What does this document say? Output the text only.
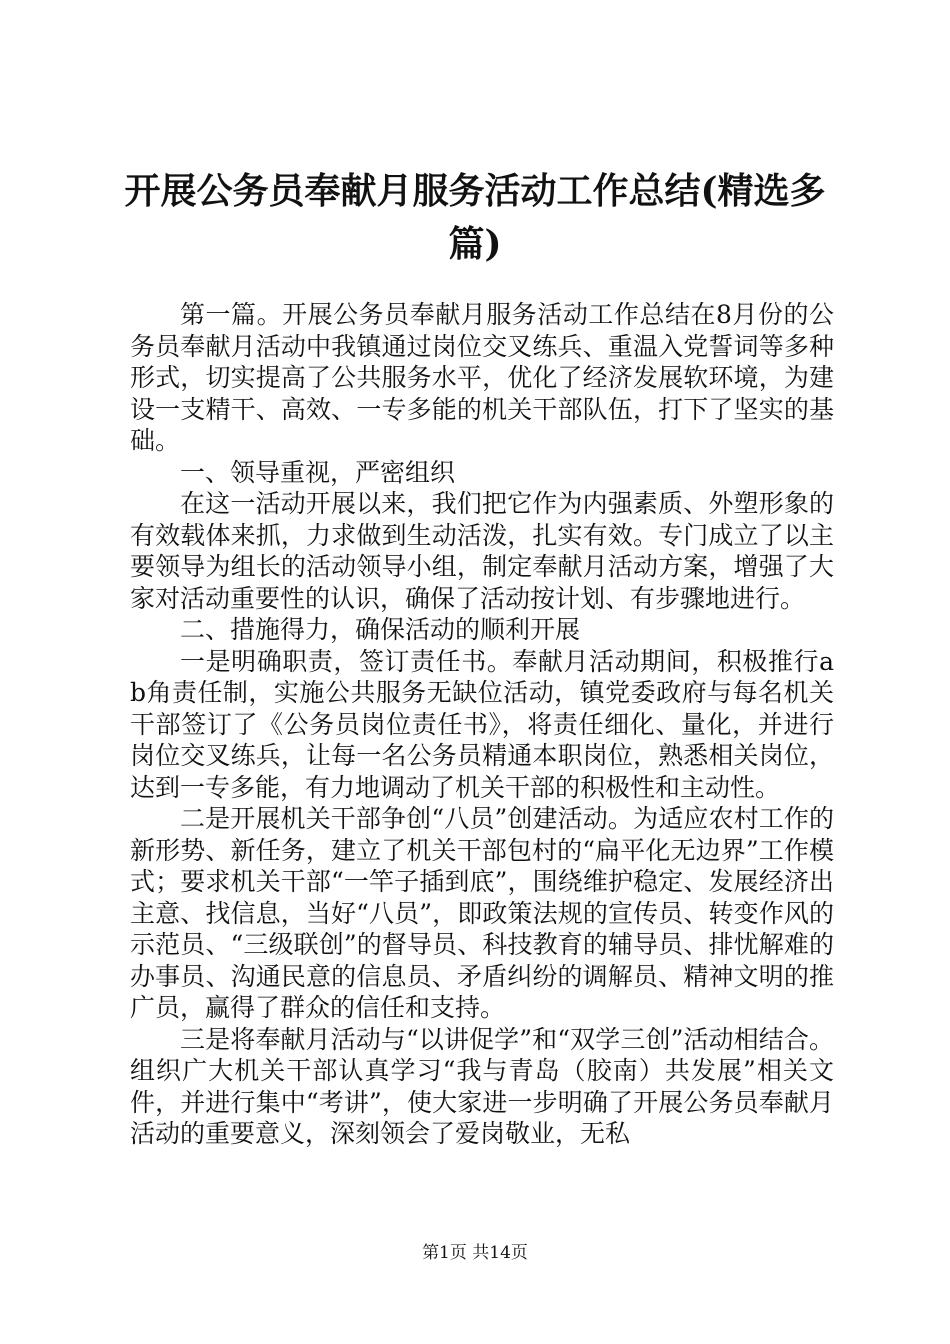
开展公务员奉献月服务活动工作总结(精选多
篇)

第一篇。开展公务员奉献月服务活动工作总结在8月份的公务员奉献月活动中我镇通过岗位交叉练兵、重温入党誓词等多种形式，切实提高了公共服务水平，优化了经济发展软环境，为建设一支精干、高效、一专多能的机关干部队伍，打下了坚实的基础。

一、领导重视，严密组织

在这一活动开展以来，我们把它作为内强素质、外塑形象的有效载体来抓，力求做到生动活泼，扎实有效。专门成立了以主要领导为组长的活动领导小组，制定奉献月活动方案，增强了大家对活动重要性的认识，确保了活动按计划、有步骤地进行。

二、措施得力，确保活动的顺利开展

一是明确职责，签订责任书。奉献月活动期间，积极推行ab角责任制，实施公共服务无缺位活动，镇党委政府与每名机关干部签订了《公务员岗位责任书》，将责任细化、量化，并进行岗位交叉练兵，让每一名公务员精通本职岗位，熟悉相关岗位，达到一专多能，有力地调动了机关干部的积极性和主动性。

二是开展机关干部争创“八员”创建活动。为适应农村工作的新形势、新任务，建立了机关干部包村的“扁平化无边界”工作模式；要求机关干部“一竿子插到底”，围绕维护稳定、发展经济出主意、找信息，当好“八员”，即政策法规的宣传员、转变作风的示范员、“三级联创”的督导员、科技教育的辅导员、排忧解难的办事员、沟通民意的信息员、矛盾纠纷的调解员、精神文明的推广员，赢得了群众的信任和支持。

三是将奉献月活动与“以讲促学”和“双学三创”活动相结合。组织广大机关干部认真学习“我与青岛（胶南）共发展”相关文件，并进行集中“考讲”，使大家进一步明确了开展公务员奉献月活动的重要意义，深刻领会了爱岗敬业，无私

第1页 共14页
